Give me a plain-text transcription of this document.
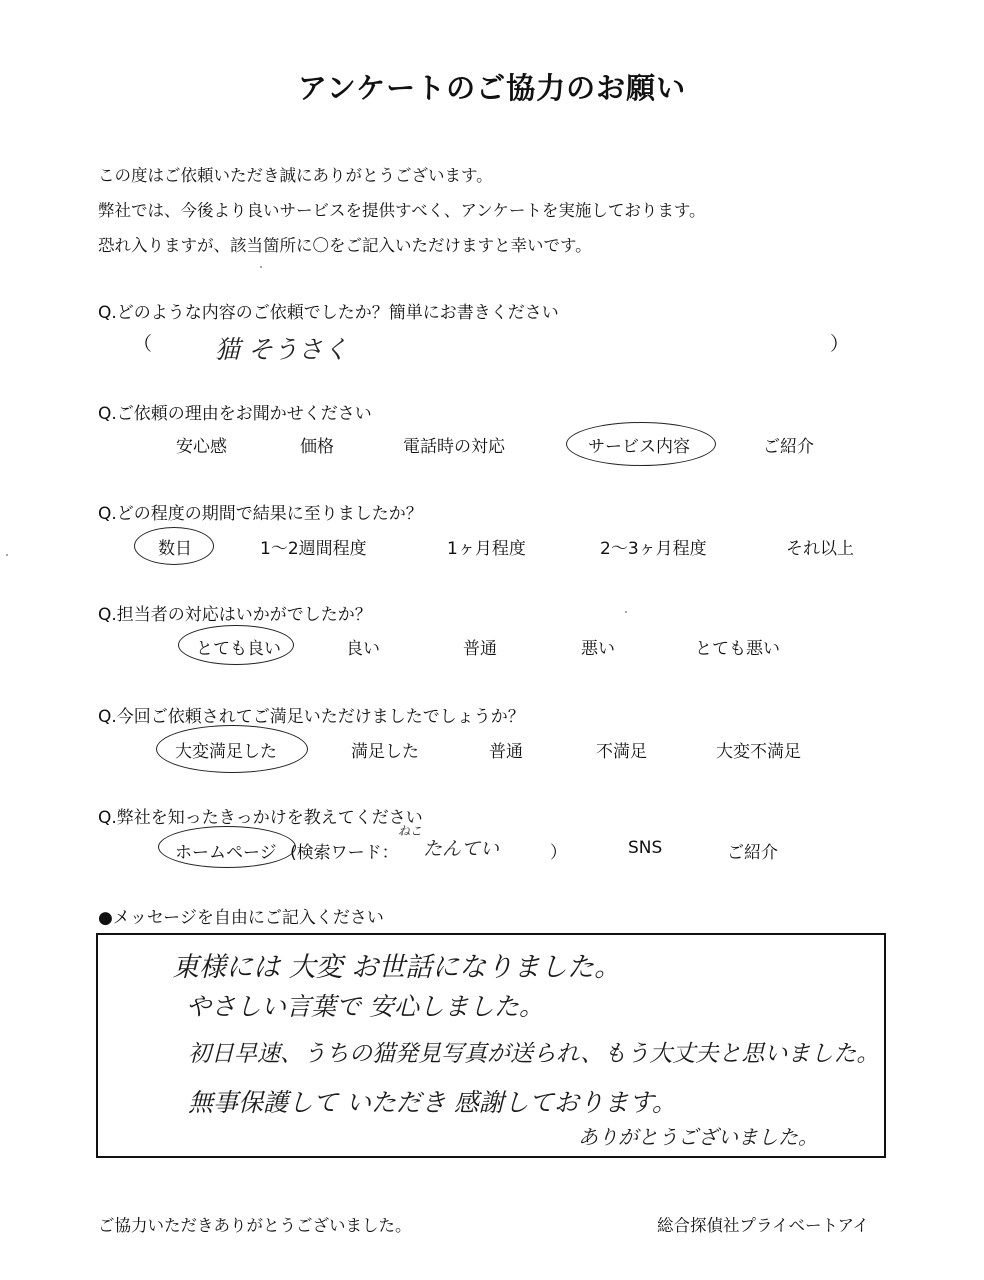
アンケートのご協力のお願い
この度はご依頼いただき誠にありがとうございます。
弊社では、今後より良いサービスを提供すべく、アンケートを実施しております。
恐れ入りますが、該当箇所に〇をご記入いただけますと幸いです。
Q.どのような内容のご依頼でしたか？簡単にお書きください
（	猫 そうさく	）
Q.ご依頼の理由をお聞かせください
安心感	価格	電話時の対応	サービス内容	ご紹介
Q.どの程度の期間で結果に至りましたか？
数日	1～2週間程度	1ヶ月程度	2～3ヶ月程度	それ以上
Q.担当者の対応はいかがでしたか？
とても良い	良い	普通	悪い	とても悪い
Q.今回ご依頼されてご満足いただけましたでしょうか？
大変満足した	満足した	普通	不満足	大変不満足
Q.弊社を知ったきっかけを教えてください
ホームページ (検索ワード：
ねこ
たんてい	）	SNS	ご紹介
●メッセージを自由にご記入ください
東様には 大変 お世話になりました。
やさしい言葉で 安心しました。
初日早速、うちの猫発見写真が送られ、もう大丈夫と思いました。
無事保護して いただき 感謝しております。
ありがとうございました。
ご協力いただきありがとうございました。	総合探偵社プライベートアイ
